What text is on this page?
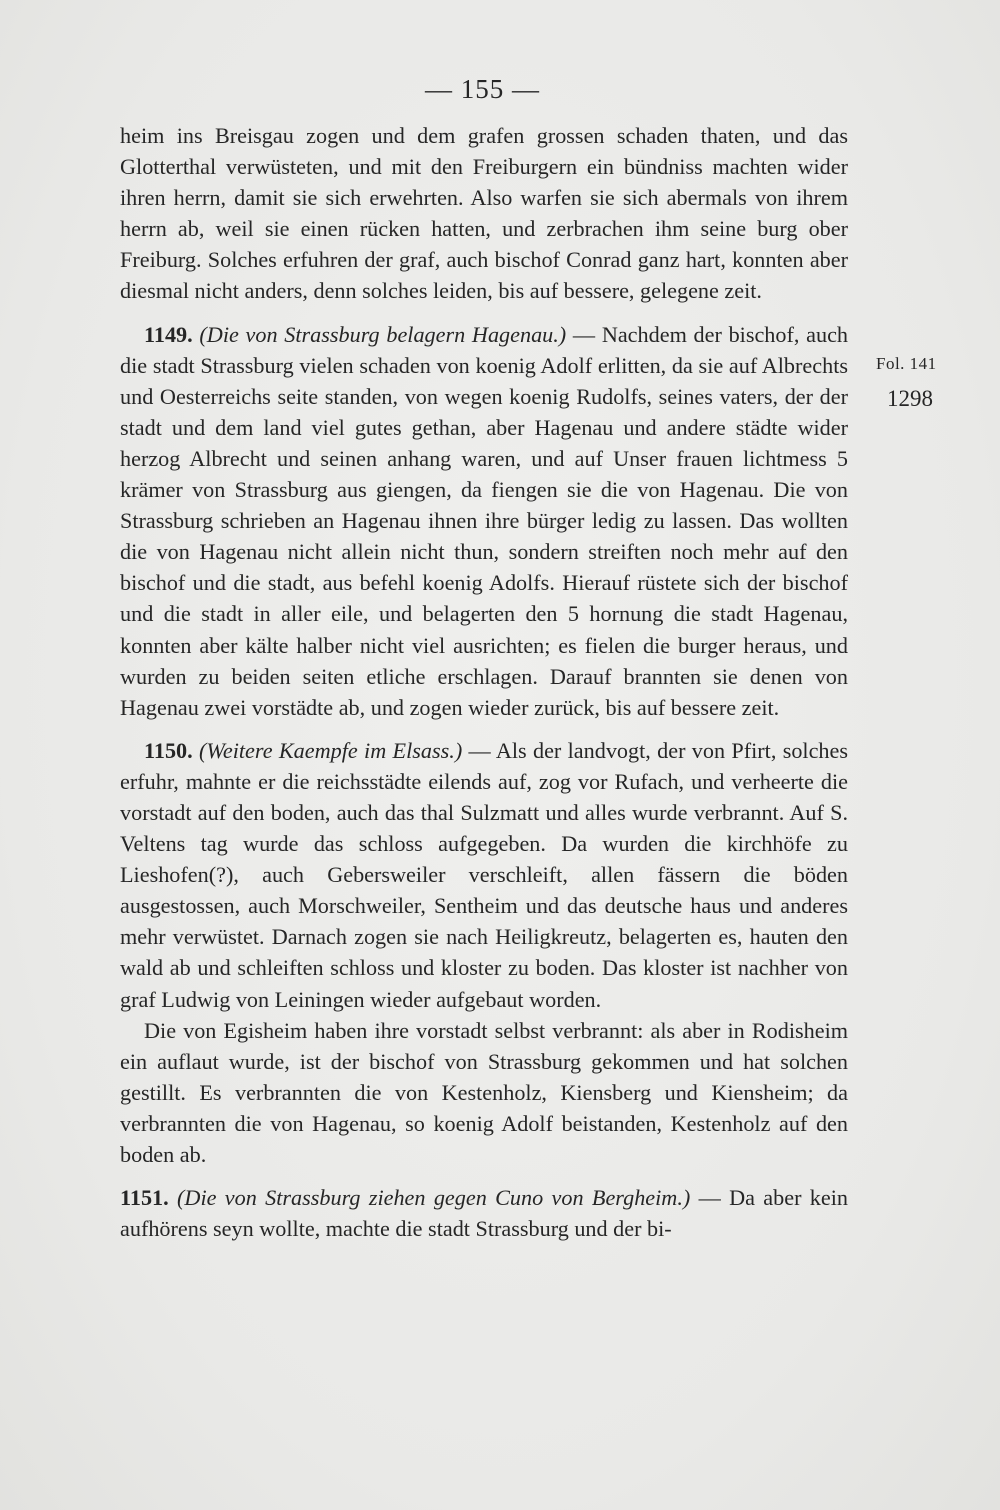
— 155 —
Fol. 141
1298

heim ins Breisgau zogen und dem grafen grossen schaden thaten, und das Glotterthal verwüsteten, und mit den Freiburgern ein bündniss machten wider ihren herrn, damit sie sich erwehrten. Also warfen sie sich abermals von ihrem herrn ab, weil sie einen rücken hatten, und zerbrachen ihm seine burg ober Freiburg. Solches erfuhren der graf, auch bischof Conrad ganz hart, konnten aber diesmal nicht anders, denn solches leiden, bis auf bessere, gelegene zeit.

1149. (Die von Strassburg belagern Hagenau.) — Nachdem der bischof, auch die stadt Strassburg vielen schaden von koenig Adolf erlitten, da sie auf Albrechts und Oesterreichs seite standen, von wegen koenig Rudolfs, seines vaters, der der stadt und dem land viel gutes gethan, aber Hagenau und andere städte wider herzog Albrecht und seinen anhang waren, und auf Unser frauen lichtmess 5 krämer von Strassburg aus giengen, da fiengen sie die von Hagenau. Die von Strassburg schrieben an Hagenau ihnen ihre bürger ledig zu lassen. Das wollten die von Hagenau nicht allein nicht thun, sondern streiften noch mehr auf den bischof und die stadt, aus befehl koenig Adolfs. Hierauf rüstete sich der bischof und die stadt in aller eile, und belagerten den 5 hornung die stadt Hagenau, konnten aber kälte halber nicht viel ausrichten; es fielen die burger heraus, und wurden zu beiden seiten etliche erschlagen. Darauf brannten sie denen von Hagenau zwei vorstädte ab, und zogen wieder zurück, bis auf bessere zeit.

1150. (Weitere Kaempfe im Elsass.) — Als der landvogt, der von Pfirt, solches erfuhr, mahnte er die reichsstädte eilends auf, zog vor Rufach, und verheerte die vorstadt auf den boden, auch das thal Sulzmatt und alles wurde verbrannt. Auf S. Veltens tag wurde das schloss aufgegeben. Da wurden die kirchhöfe zu Lieshofen(?), auch Gebersweiler verschleift, allen fässern die böden ausgestossen, auch Morschweiler, Sentheim und das deutsche haus und anderes mehr verwüstet. Darnach zogen sie nach Heiligkreutz, belagerten es, hauten den wald ab und schleiften schloss und kloster zu boden. Das kloster ist nachher von graf Ludwig von Leiningen wieder aufgebaut worden.

Die von Egisheim haben ihre vorstadt selbst verbrannt: als aber in Rodisheim ein auflaut wurde, ist der bischof von Strassburg gekommen und hat solchen gestillt. Es verbrannten die von Kestenholz, Kiensberg und Kiensheim; da verbrannten die von Hagenau, so koenig Adolf beistanden, Kestenholz auf den boden ab.

1151. (Die von Strassburg ziehen gegen Cuno von Bergheim.) — Da aber kein aufhörens seyn wollte, machte die stadt Strassburg und der bi-
